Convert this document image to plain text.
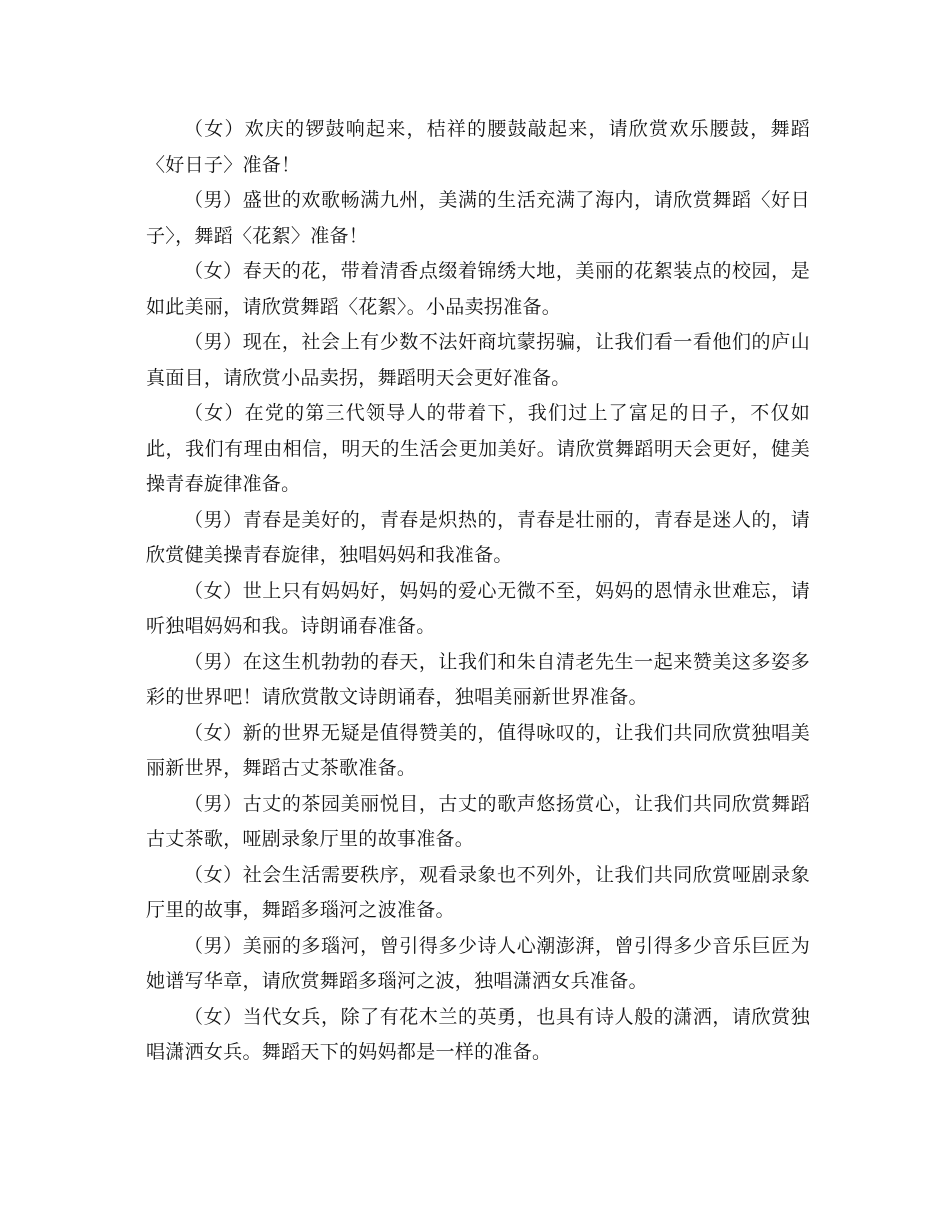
（女）欢庆的锣鼓响起来，桔祥的腰鼓敲起来，请欣赏欢乐腰鼓，舞蹈〈好日子〉准备！

（男）盛世的欢歌畅满九州，美满的生活充满了海内，请欣赏舞蹈〈好日子〉，舞蹈〈花絮〉准备！

（女）春天的花，带着清香点缀着锦绣大地，美丽的花絮装点的校园，是如此美丽，请欣赏舞蹈〈花絮〉。小品卖拐准备。

（男）现在，社会上有少数不法奸商坑蒙拐骗，让我们看一看他们的庐山真面目，请欣赏小品卖拐，舞蹈明天会更好准备。

（女）在党的第三代领导人的带着下，我们过上了富足的日子，不仅如此，我们有理由相信，明天的生活会更加美好。请欣赏舞蹈明天会更好，健美操青春旋律准备。

（男）青春是美好的，青春是炽热的，青春是壮丽的，青春是迷人的，请欣赏健美操青春旋律，独唱妈妈和我准备。

（女）世上只有妈妈好，妈妈的爱心无微不至，妈妈的恩情永世难忘，请听独唱妈妈和我。诗朗诵春准备。

（男）在这生机勃勃的春天，让我们和朱自清老先生一起来赞美这多姿多彩的世界吧！请欣赏散文诗朗诵春，独唱美丽新世界准备。

（女）新的世界无疑是值得赞美的，值得咏叹的，让我们共同欣赏独唱美丽新世界，舞蹈古丈茶歌准备。

（男）古丈的茶园美丽悦目，古丈的歌声悠扬赏心，让我们共同欣赏舞蹈古丈茶歌，哑剧录象厅里的故事准备。

（女）社会生活需要秩序，观看录象也不列外，让我们共同欣赏哑剧录象厅里的故事，舞蹈多瑙河之波准备。

（男）美丽的多瑙河，曾引得多少诗人心潮澎湃，曾引得多少音乐巨匠为她谱写华章，请欣赏舞蹈多瑙河之波，独唱潇洒女兵准备。

（女）当代女兵，除了有花木兰的英勇，也具有诗人般的潇洒，请欣赏独唱潇洒女兵。舞蹈天下的妈妈都是一样的准备。
